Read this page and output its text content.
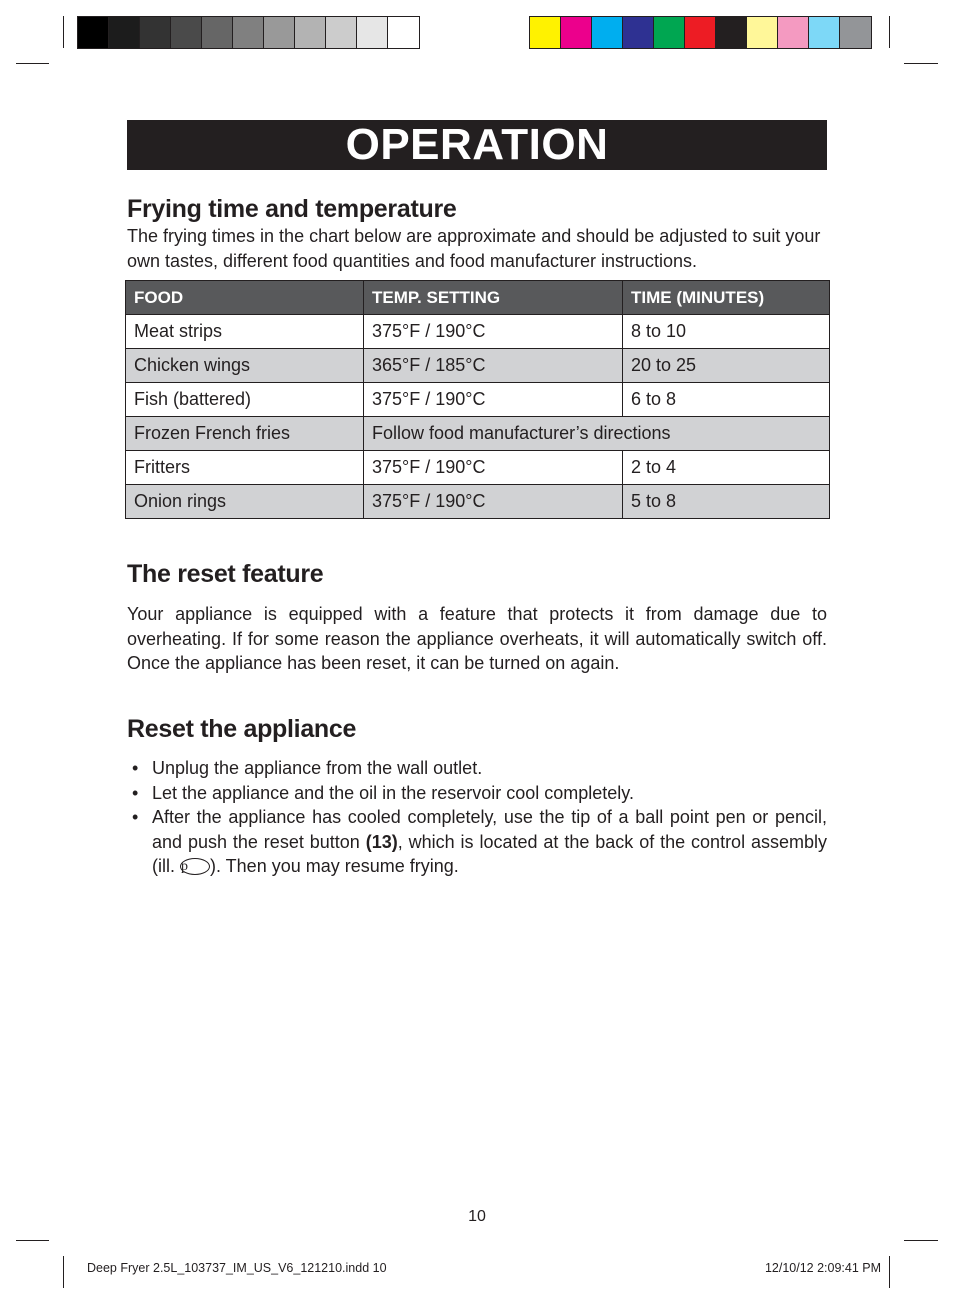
OPERATION
Frying time and temperature

The frying times in the chart below are approximate and should be adjusted to suit your own tastes, different food quantities and food manufacturer instructions.

FOOD	TEMP. SETTING	TIME (MINUTES)
Meat strips	375°F / 190°C	8 to 10
Chicken wings	365°F / 185°C	20 to 25
Fish (battered)	375°F / 190°C	6 to 8
Frozen French fries	Follow food manufacturer’s directions	
Fritters	375°F / 190°C	2 to 4
Onion rings	375°F / 190°C	5 to 8
The reset feature

Your appliance is equipped with a feature that protects it from damage due to overheating. If for some reason the appliance overheats, it will automatically switch off. Once the appliance has been reset, it can be turned on again.

Reset the appliance
• Unplug the appliance from the wall outlet.
• Let the appliance and the oil in the reservoir cool completely.
• After the appliance has cooled completely, use the tip of a ball point pen or pencil, and push the reset button (13), which is located at the back of the control assembly (ill. p ). Then you may resume frying.
10
Deep Fryer 2.5L_103737_IM_US_V6_121210.indd 10	12/10/12 2:09:41 PM
